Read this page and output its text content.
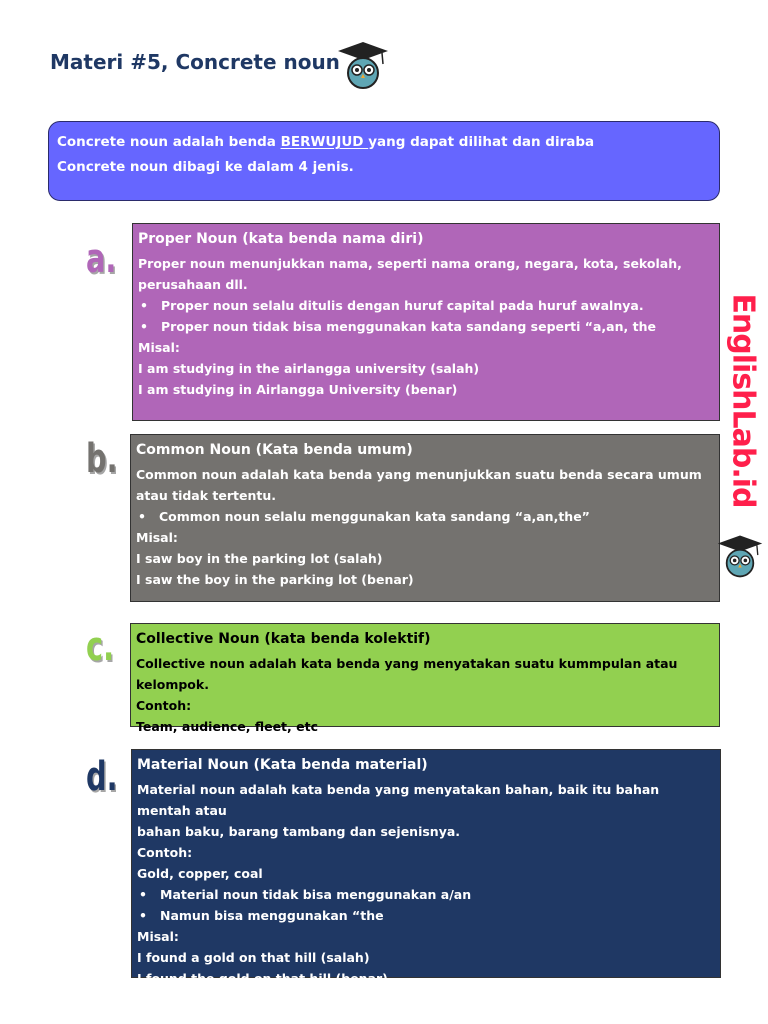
Materi #5, Concrete noun
Concrete noun adalah benda BERWUJUD yang dapat dilihat dan diraba
Concrete noun dibagi ke dalam 4 jenis.
a. Proper Noun (kata benda nama diri)

Proper noun menunjukkan nama, seperti nama orang, negara, kota, sekolah,

perusahaan dll.

• Proper noun selalu ditulis dengan huruf capital pada huruf awalnya.

• Proper noun tidak bisa menggunakan kata sandang seperti “a,an, the

Misal:

I am studying in the airlangga university (salah)

I am studying in Airlangga University (benar)

b. Common Noun (Kata benda umum)

Common noun adalah kata benda yang menunjukkan suatu benda secara umum

atau tidak tertentu.

• Common noun selalu menggunakan kata sandang “a,an,the”

Misal:

I saw boy in the parking lot (salah)

I saw the boy in the parking lot (benar)

c. Collective Noun (kata benda kolektif)

Collective noun adalah kata benda yang menyatakan suatu kummpulan atau kelompok.

Contoh:

Team, audience, fleet, etc

d. Material Noun (Kata benda material)

Material noun adalah kata benda yang menyatakan bahan, baik itu bahan mentah atau

bahan baku, barang tambang dan sejenisnya.

Contoh:

Gold, copper, coal

• Material noun tidak bisa menggunakan a/an

• Namun bisa menggunakan “the

Misal:

I found a gold on that hill (salah)

I found the gold on that hill (benar)

EnglishLab.id
